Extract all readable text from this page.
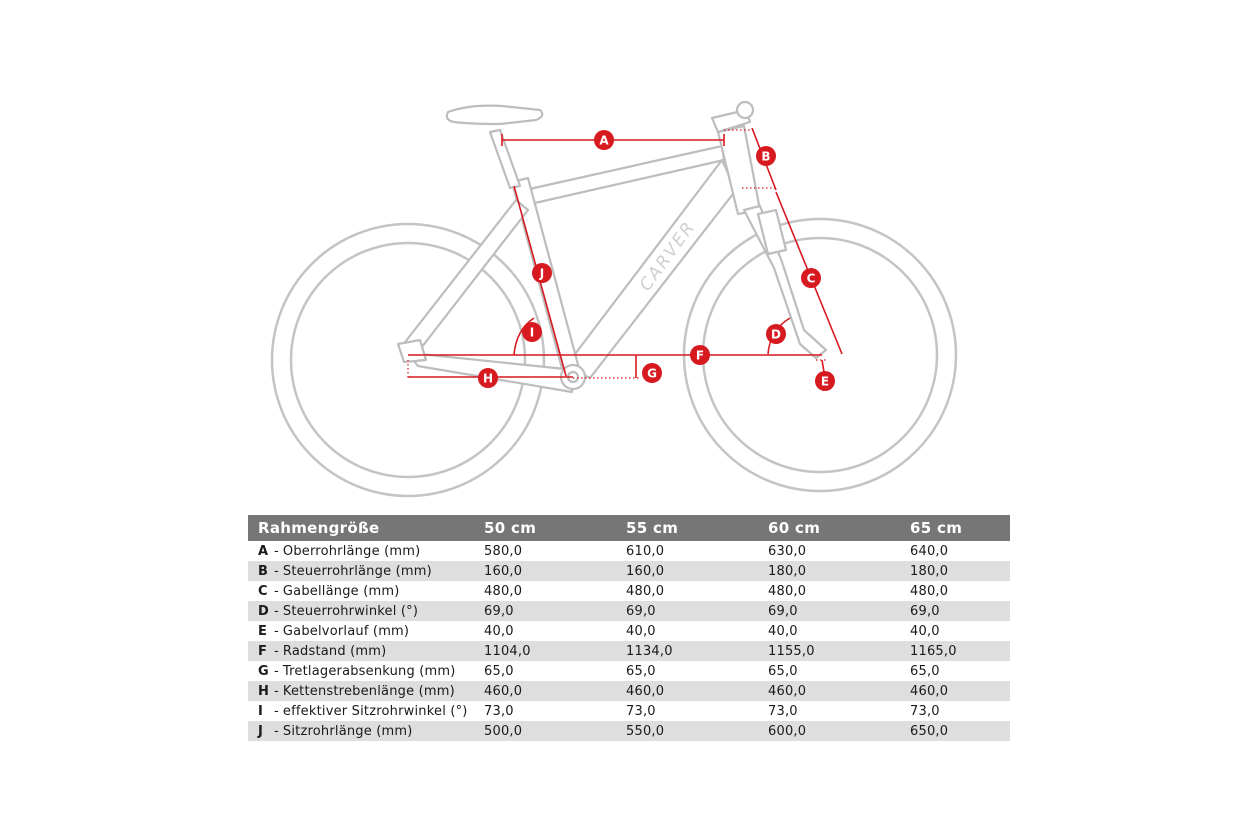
CARVER
A
B
C
D
E
F
G
H
I
J
Rahmengröße	50 cm	55 cm	60 cm	65 cm
A - Oberrohrlänge (mm)	580,0	610,0	630,0	640,0
B - Steuerrohrlänge (mm)	160,0	160,0	180,0	180,0
C - Gabellänge (mm)	480,0	480,0	480,0	480,0
D - Steuerrohrwinkel (°)	69,0	69,0	69,0	69,0
E - Gabelvorlauf (mm)	40,0	40,0	40,0	40,0
F - Radstand (mm)	1104,0	1134,0	1155,0	1165,0
G - Tretlagerabsenkung (mm)	65,0	65,0	65,0	65,0
H - Kettenstrebenlänge (mm)	460,0	460,0	460,0	460,0
I - effektiver Sitzrohrwinkel (°)	73,0	73,0	73,0	73,0
J - Sitzrohrlänge (mm)	500,0	550,0	600,0	650,0
